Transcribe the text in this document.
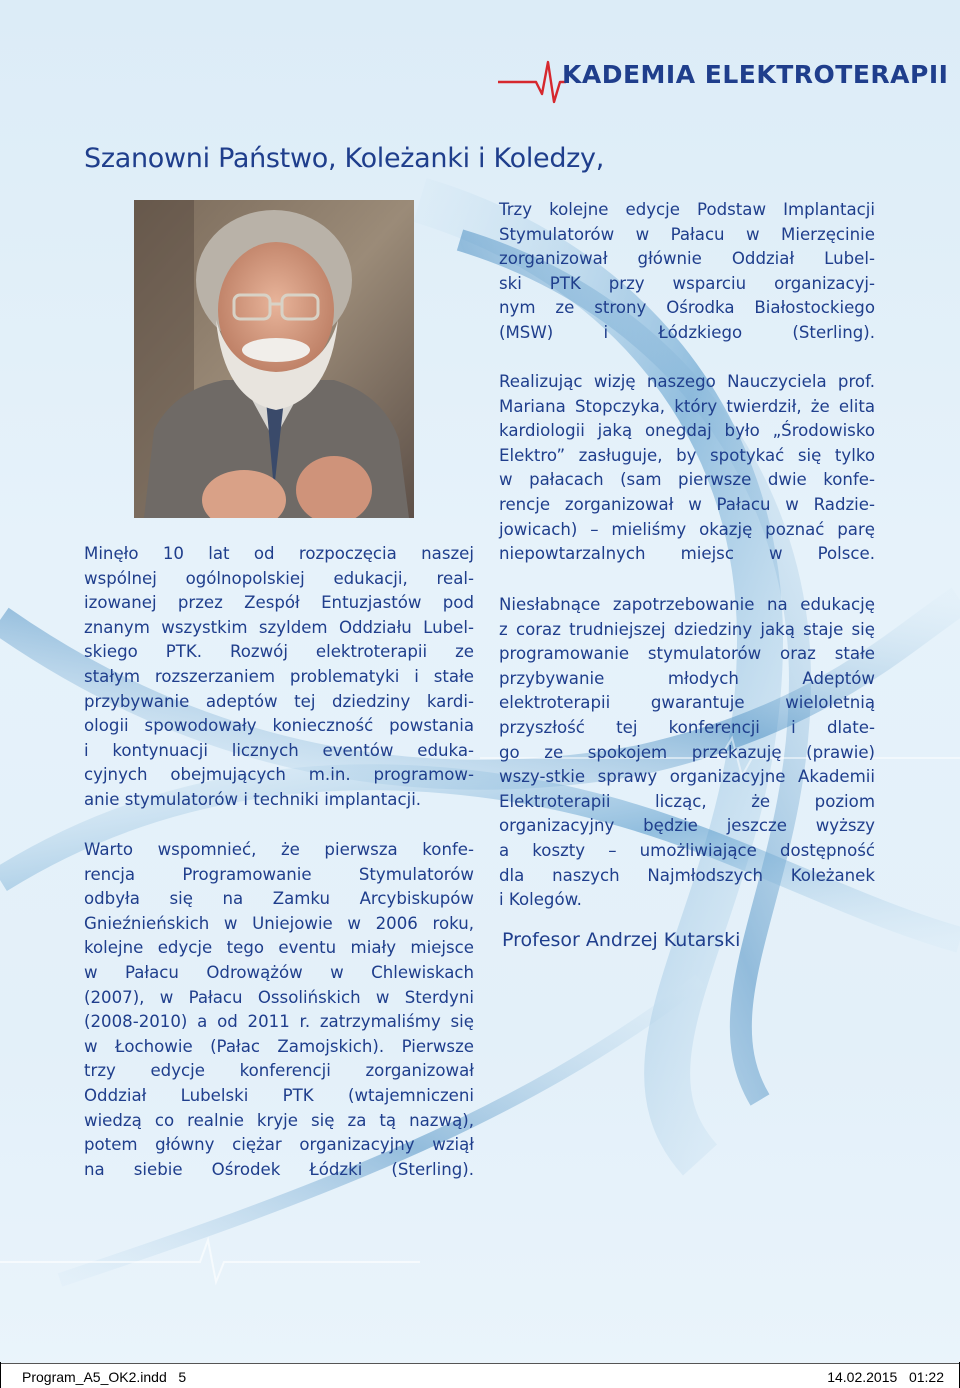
KADEMIA ELEKTROTERAPII
Szanowni Państwo, Koleżanki i Koledzy,

Minęło 10 lat od rozpoczęcia naszej

wspólnej ogólnopolskiej edukacji, real-

izowanej przez Zespół Entuzjastów pod

znanym wszystkim szyldem Oddziału Lubel-

skiego PTK. Rozwój elektroterapii ze

stałym rozszerzaniem problematyki i stałe

przybywanie adeptów tej dziedziny kardi-

ologii spowodowały konieczność powstania

i kontynuacji licznych eventów eduka-

cyjnych obejmujących m.in. programow-

anie stymulatorów i techniki implantacji.

Warto wspomnieć, że pierwsza konfe-

rencja Programowanie Stymulatorów

odbyła się na Zamku Arcybiskupów

Gnieźnieńskich w Uniejowie w 2006 roku,

kolejne edycje tego eventu miały miejsce

w Pałacu Odrowążów w Chlewiskach

(2007), w Pałacu Ossolińskich w Sterdyni

(2008-2010) a od 2011 r. zatrzymaliśmy się

w Łochowie (Pałac Zamojskich). Pierwsze

trzy edycje konferencji zorganizował

Oddział Lubelski PTK (wtajemniczeni

wiedzą co realnie kryje się za tą nazwą),

potem główny ciężar organizacyjny wziął

na siebie Ośrodek Łódzki (Sterling).

Trzy kolejne edycje Podstaw Implantacji

Stymulatorów w Pałacu w Mierzęcinie

zorganizował głównie Oddział Lubel-

ski PTK przy wsparciu organizacyj-

nym ze strony Ośrodka Białostockiego

(MSW) i Łódzkiego (Sterling).

Realizując wizję naszego Nauczyciela prof.

Mariana Stopczyka, który twierdził, że elita

kardiologii jaką onegdaj było „Środowisko

Elektro” zasługuje, by spotykać się tylko

w pałacach (sam pierwsze dwie konfe-

rencje zorganizował w Pałacu w Radzie-

jowicach) – mieliśmy okazję poznać parę

niepowtarzalnych miejsc w Polsce.

Niesłabnące zapotrzebowanie na edukację

z coraz trudniejszej dziedziny jaką staje się

programowanie stymulatorów oraz stałe

przybywanie młodych Adeptów

elektroterapii gwarantuje wieloletnią

przyszłość tej konferencji i dlate-

go ze spokojem przekazuję (prawie)

wszy-stkie sprawy organizacyjne Akademii

Elektroterapii licząc, że poziom

organizacyjny będzie jeszcze wyższy

a koszty – umożliwiające dostępność

dla naszych Najmłodszych Koleżanek

i Kolegów.

Profesor Andrzej Kutarski
Program_A5_OK2.indd   5	14.02.2015   01:22
